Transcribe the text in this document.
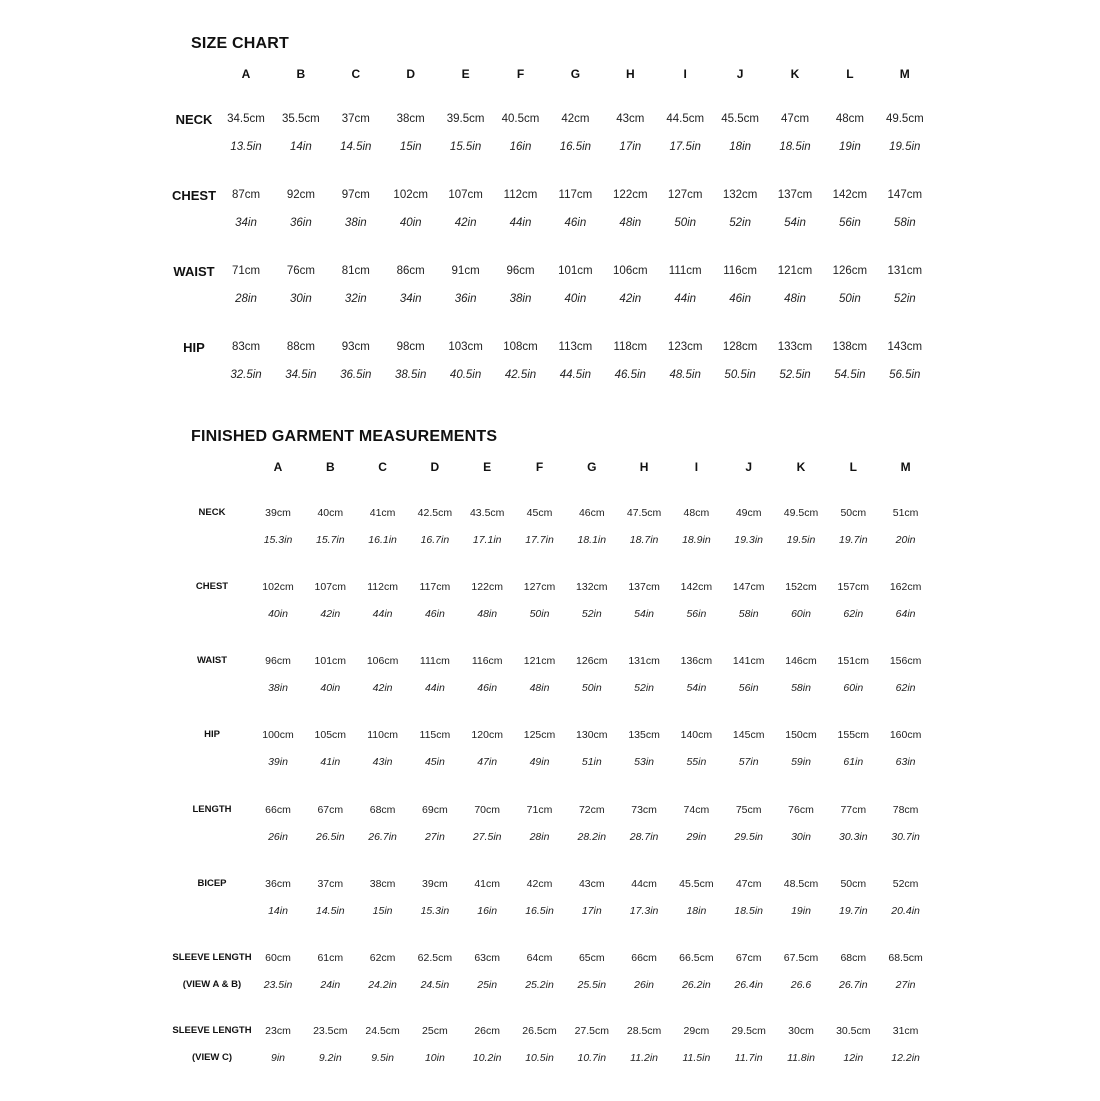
SIZE CHART
A	B	C	D	E	F	G	H	I	J	K	L	M
NECK 34.5cm 35.5cm 37cm 38cm 39.5cm 40.5cm 42cm 43cm 44.5cm 45.5cm 47cm 48cm 49.5cm
13.5in 14in 14.5in 15in 15.5in 16in 16.5in 17in 17.5in 18in 18.5in 19in 19.5in
CHEST 87cm 92cm 97cm 102cm 107cm 112cm 117cm 122cm 127cm 132cm 137cm 142cm 147cm
34in	36in	38in	40in	42in	44in	46in	48in	50in	52in	54in	56in	58in
WAIST 71cm 76cm 81cm 86cm 91cm 96cm 101cm 106cm 111cm 116cm 121cm 126cm 131cm
28in	30in	32in	34in	36in	38in	40in	42in	44in	46in	48in	50in	52in
HIP 83cm 88cm 93cm 98cm 103cm 108cm 113cm 118cm 123cm 128cm 133cm 138cm 143cm
32.5in 34.5in 36.5in 38.5in 40.5in 42.5in 44.5in 46.5in 48.5in 50.5in 52.5in 54.5in 56.5in
FINISHED GARMENT MEASUREMENTS
A	B	C	D	E	F	G	H	I	J	K	L	M
NECK	39cm	40cm	41cm 42.5cm 43.5cm 45cm	46cm 47.5cm 48cm	49cm 49.5cm 50cm	51cm
15.3in 15.7in 16.1in 16.7in 17.1in 17.7in 18.1in 18.7in 18.9in 19.3in 19.5in 19.7in	20in
CHEST	102cm 107cm 112cm 117cm 122cm 127cm 132cm 137cm 142cm 147cm 152cm 157cm 162cm
40in	42in	44in	46in	48in	50in	52in	54in	56in	58in	60in	62in	64in
WAIST	96cm 101cm 106cm 111cm 116cm 121cm 126cm 131cm 136cm 141cm 146cm 151cm 156cm
38in	40in	42in	44in	46in	48in	50in	52in	54in	56in	58in	60in	62in
HIP	100cm 105cm 110cm 115cm 120cm 125cm 130cm 135cm 140cm 145cm 150cm 155cm 160cm
39in	41in	43in	45in	47in	49in	51in	53in	55in	57in	59in	61in	63in
LENGTH	66cm	67cm	68cm	69cm	70cm	71cm	72cm	73cm	74cm	75cm	76cm	77cm	78cm
26in	26.5in 26.7in	27in	27.5in	28in	28.2in 28.7in	29in	29.5in	30in	30.3in 30.7in
BICEP	36cm	37cm	38cm	39cm	41cm	42cm	43cm	44cm 45.5cm 47cm 48.5cm 50cm	52cm
14in	14.5in	15in	15.3in	16in	16.5in	17in	17.3in	18in	18.5in	19in	19.7in 20.4in
SLEEVE LENGTH
(VIEW A & B)
60cm	61cm	62cm 62.5cm 63cm	64cm	65cm	66cm 66.5cm 67cm 67.5cm 68cm 68.5cm
23.5in	24in	24.2in 24.5in	25in	25.2in 25.5in	26in	26.2in 26.4in	26.6	26.7in	27in
SLEEVE LENGTH
(VIEW C)
23cm 23.5cm 24.5cm 25cm	26cm 26.5cm 27.5cm 28.5cm 29cm 29.5cm 30cm 30.5cm 31cm
9in	9.2in	9.5in	10in	10.2in 10.5in 10.7in 11.2in 11.5in 11.7in 11.8in	12in	12.2in
